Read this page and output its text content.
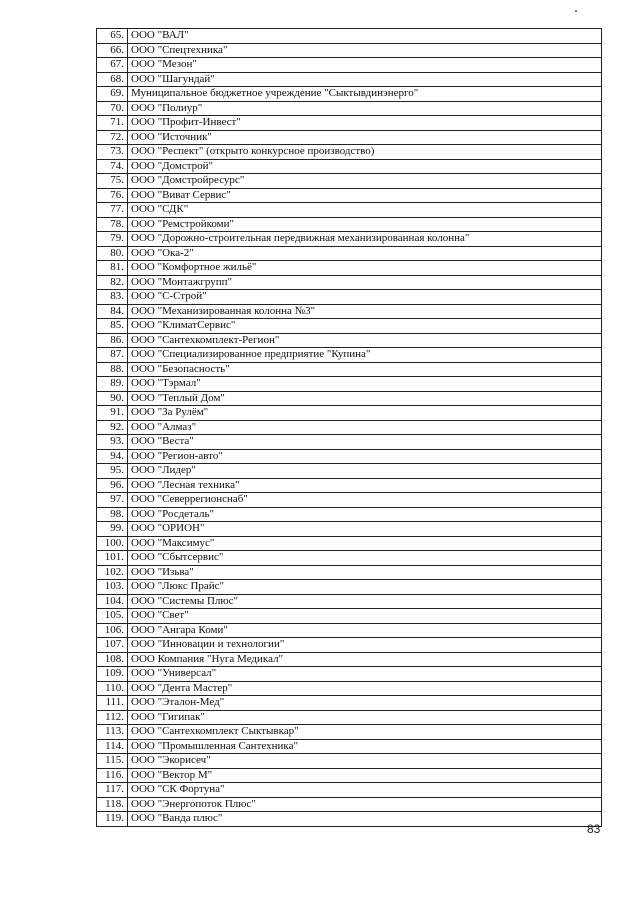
65.	ООО "ВАЛ"
66.	ООО "Спецтехника"
67.	ООО "Мезон"
68.	ООО "Шагундай"
69.	Муниципальное бюджетное учреждение "Сыктывдинэнерго"
70.	ООО "Полиур"
71.	ООО "Профит-Инвест"
72.	ООО "Источник"
73.	ООО "Респект" (открыто конкурсное производство)
74.	ООО "Домстрой"
75.	ООО "Домстройресурс"
76.	ООО "Виват Сервис"
77.	ООО "СДК"
78.	ООО "Ремстройкоми"
79.	ООО "Дорожно-строительная передвижная механизированная колонна"
80.	ООО "Ока-2"
81.	ООО "Комфортное жильё"
82.	ООО "Монтажгрупп"
83.	ООО "С-Строй"
84.	ООО "Механизированная колонна №3"
85.	ООО "КлиматСервис"
86.	ООО "Сантехкомплект-Регион"
87.	ООО "Специализированное предприятие "Купина"
88.	ООО "Безопасность"
89.	ООО "Тэрмал"
90.	ООО "Теплый Дом"
91.	ООО "За Рулём"
92.	ООО "Алмаз"
93.	ООО "Веста"
94.	ООО "Регион-авто"
95.	ООО "Лидер"
96.	ООО "Лесная техника"
97.	ООО "Северрегионснаб"
98.	ООО "Росдеталь"
99.	ООО "ОРИОН"
100.	ООО "Максимус"
101.	ООО "Сбытсервис"
102.	ООО "Изьва"
103.	ООО "Люкс Прайс"
104.	ООО "Системы Плюс"
105.	ООО "Свет"
106.	ООО "Ангара Коми"
107.	ООО "Инновации и технологии"
108.	ООО Компания "Нуга Медикал"
109.	ООО "Универсал"
110.	ООО "Дента Мастер"
111.	ООО "Эталон-Мед"
112.	ООО "Гигипак"
113.	ООО "Сантехкомплект Сыктывкар"
114.	ООО "Промышленная Сантехника"
115.	ООО "Экорисеч"
116.	ООО "Вектор М"
117.	ООО "СК Фортуна"
118.	ООО "Энергопоток Плюс"
119.	ООО "Ванда плюс"
83
